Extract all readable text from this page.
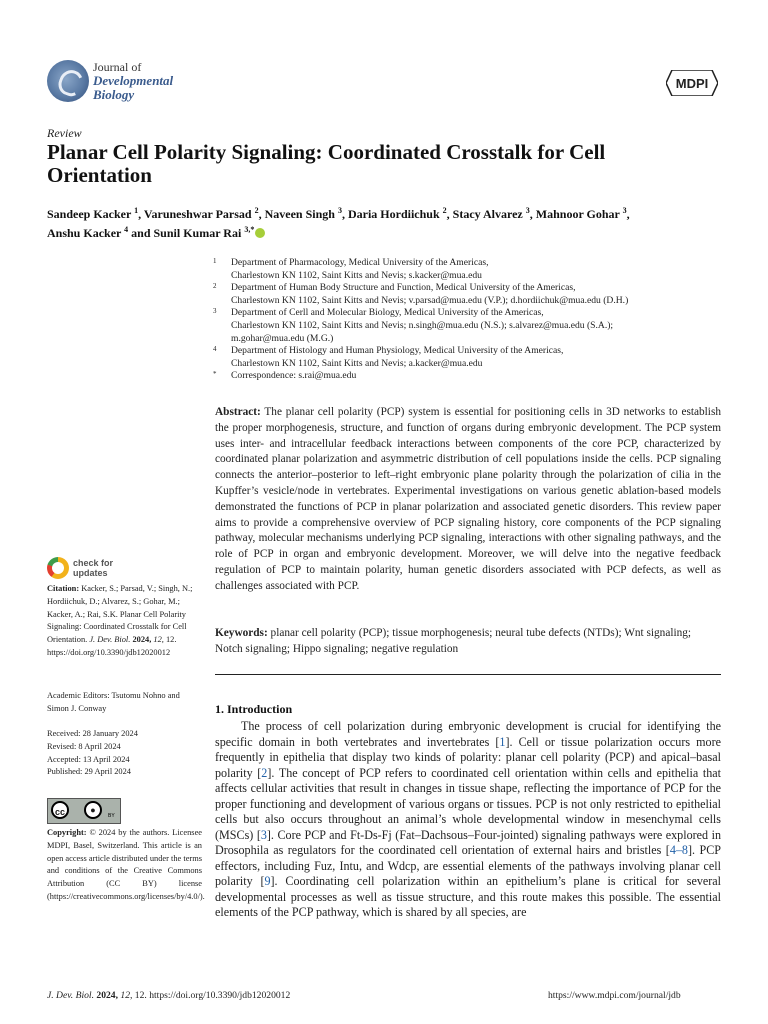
Journal of
Developmental
Biology
MDPI
Review
Planar Cell Polarity Signaling: Coordinated Crosstalk for Cell Orientation
Sandeep Kacker $^1$, Varuneshwar Parsad $^2$, Naveen Singh $^3$, Daria Hordiichuk $^2$, Stacy Alvarez $^3$, Mahnoor Gohar $^3$,
Anshu Kacker $^4$ and Sunil Kumar Rai $^{3,*}$
1 Department of Pharmacology, Medical University of the Americas,
Charlestown KN 1102, Saint Kitts and Nevis; s.kacker@mua.edu
2 Department of Human Body Structure and Function, Medical University of the Americas,
Charlestown KN 1102, Saint Kitts and Nevis; v.parsad@mua.edu (V.P.); d.hordiichuk@mua.edu (D.H.)
3 Department of Cerll and Molecular Biology, Medical University of the Americas,
Charlestown KN 1102, Saint Kitts and Nevis; n.singh@mua.edu (N.S.); s.alvarez@mua.edu (S.A.);
m.gohar@mua.edu (M.G.)
4 Department of Histology and Human Physiology, Medical University of the Americas,
Charlestown KN 1102, Saint Kitts and Nevis; a.kacker@mua.edu
* Correspondence: s.rai@mua.edu
Abstract: The planar cell polarity (PCP) system is essential for positioning cells in 3D networks to establish the proper morphogenesis, structure, and function of organs during embryonic development. The PCP system uses inter- and intracellular feedback interactions between components of the core PCP, characterized by coordinated planar polarization and asymmetric distribution of cell populations inside the cells. PCP signaling connects the anterior–posterior to left–right embryonic plane polarity through the polarization of cilia in the Kupffer’s vesicle/node in vertebrates. Experimental investigations on various genetic ablation-based models demonstrated the functions of PCP in planar polarization and associated genetic disorders. This review paper aims to provide a comprehensive overview of PCP signaling history, core components of the PCP signaling pathway, molecular mechanisms underlying PCP signaling, interactions with other signaling pathways, and the role of PCP in organ and embryonic development. Moreover, we will delve into the negative feedback regulation of PCP to maintain polarity, human genetic disorders associated with PCP defects, as well as challenges associated with PCP.
Keywords: planar cell polarity (PCP); tissue morphogenesis; neural tube defects (NTDs); Wnt signaling; Notch signaling; Hippo signaling; negative regulation
1. Introduction
The process of cell polarization during embryonic development is crucial for identifying the specific domain in both vertebrates and invertebrates [1]. Cell or tissue polarization occurs more frequently in epithelia that display two kinds of polarity: planar cell polarity (PCP) and apical–basal polarity [2]. The concept of PCP refers to coordinated cell orientation within cells and epithelia that affects cellular activities that result in changes in tissue shape, reflecting the importance of PCP for the proper functioning and development of various organs or tissues. PCP is not only restricted to epithelial cells but also occurs throughout an animal’s whole developmental window in mesenchymal cells (MSCs) [3]. Core PCP and Ft-Ds-Fj (Fat–Dachsous–Four-jointed) signaling pathways were explored in Drosophila as regulators for the coordinated cell orientation of external hairs and bristles [4–8]. PCP effectors, including Fuz, Intu, and Wdcp, are essential elements of the pathways involving planar cell polarity [9]. Coordinating cell polarization within an epithelium’s plane is critical for several developmental processes as well as tissue structure, and this route makes this possible. The essential elements of the PCP pathway, which is shared by all species, are
check for
updates
Citation: Kacker, S.; Parsad, V.; Singh, N.; Hordiichuk, D.; Alvarez, S.; Gohar, M.; Kacker, A.; Rai, S.K. Planar Cell Polarity Signaling: Coordinated Crosstalk for Cell Orientation. J. Dev. Biol. 2024, 12, 12. https://doi.org/10.3390/jdb12020012
Academic Editors: Tsutomu Nohno and Simon J. Conway
Received: 28 January 2024
Revised: 8 April 2024
Accepted: 13 April 2024
Published: 29 April 2024
cc	●
BY
Copyright: © 2024 by the authors. Licensee MDPI, Basel, Switzerland. This article is an open access article distributed under the terms and conditions of the Creative Commons Attribution (CC BY) license (https://creativecommons.org/licenses/by/4.0/).
J. Dev. Biol. 2024, 12, 12. https://doi.org/10.3390/jdb12020012	https://www.mdpi.com/journal/jdb
